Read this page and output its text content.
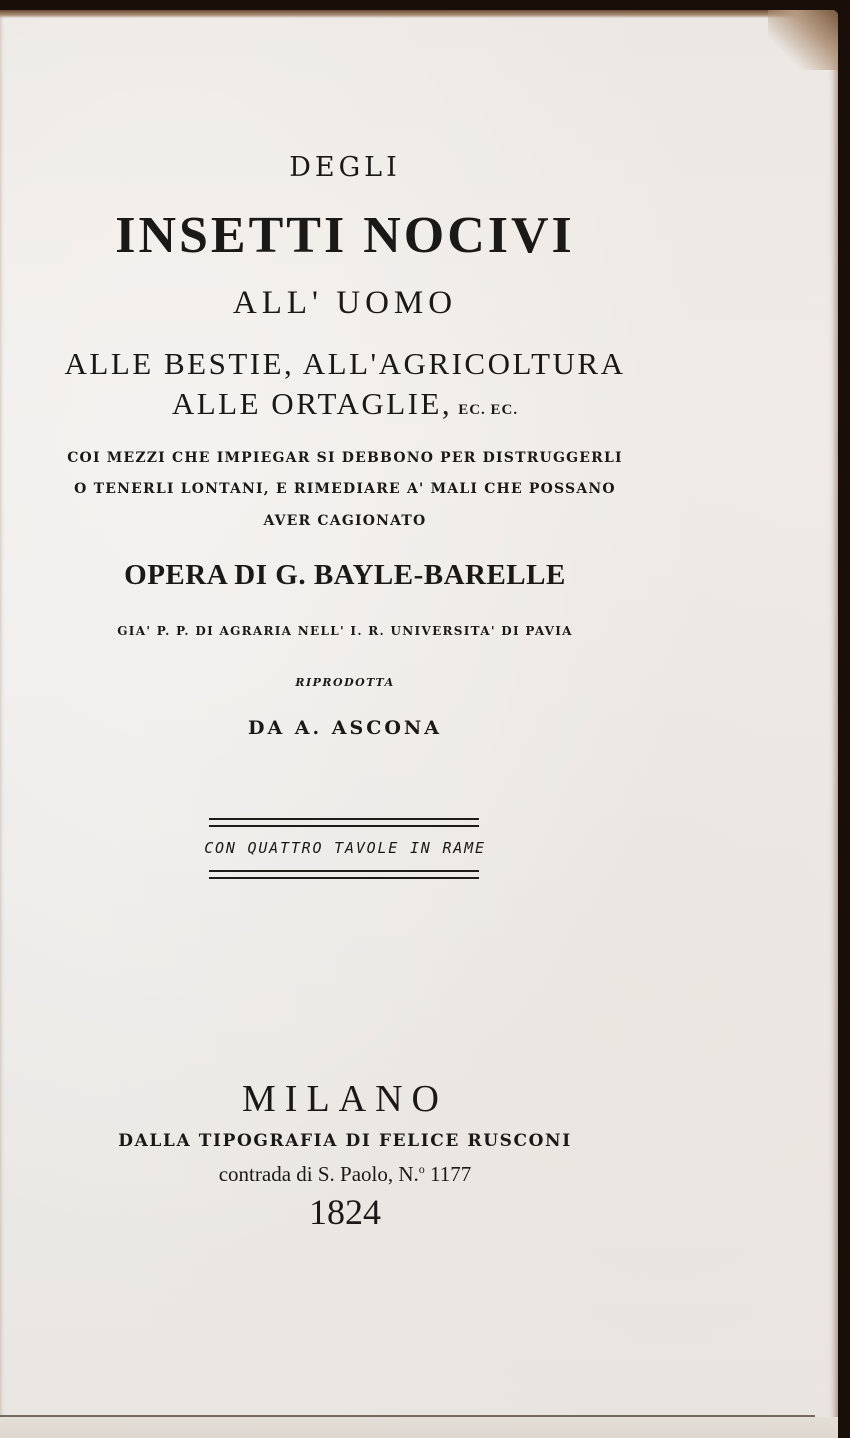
DEGLI
INSETTI NOCIVI
ALL' UOMO
ALLE BESTIE, ALL'AGRICOLTURA
ALLE ORTAGLIE, EC. EC.
COI MEZZI CHE IMPIEGAR SI DEBBONO PER DISTRUGGERLI
O TENERLI LONTANI, E RIMEDIARE A' MALI CHE POSSANO
AVER CAGIONATO
OPERA DI G. BAYLE-BARELLE
GIA' P. P. DI AGRARIA NELL' I. R. UNIVERSITA' DI PAVIA
RIPRODOTTA
DA A. ASCONA
CON QUATTRO TAVOLE IN RAME
MILANO
DALLA TIPOGRAFIA DI FELICE RUSCONI
contrada di S. Paolo, N.$^o$ 1177
1824
